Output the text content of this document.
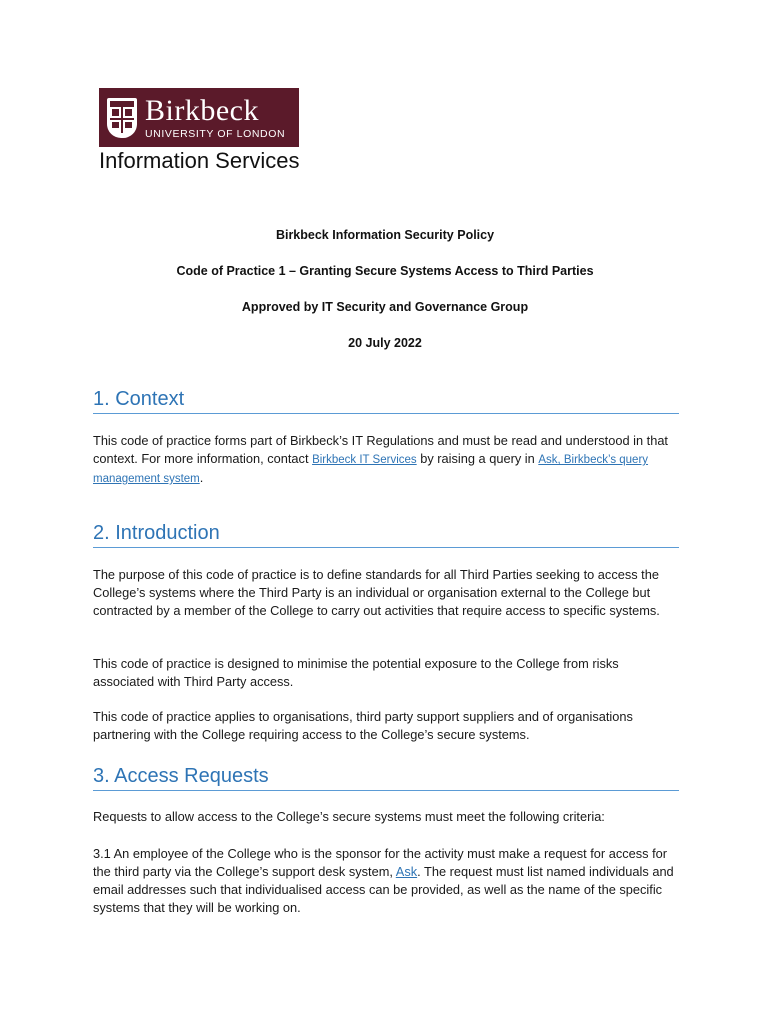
Birkbeck
UNIVERSITY OF LONDON
Information Services
Birkbeck Information Security Policy
Code of Practice 1 – Granting Secure Systems Access to Third Parties
Approved by IT Security and Governance Group
20 July 2022
1. Context
This code of practice forms part of Birkbeck’s IT Regulations and must be read and understood in that context. For more information, contact Birkbeck IT Services by raising a query in Ask, Birkbeck’s query management system.
2. Introduction
The purpose of this code of practice is to define standards for all Third Parties seeking to access the College’s systems where the Third Party is an individual or organisation external to the College but contracted by a member of the College to carry out activities that require access to specific systems.
This code of practice is designed to minimise the potential exposure to the College from risks associated with Third Party access.
This code of practice applies to organisations, third party support suppliers and of organisations partnering with the College requiring access to the College’s secure systems.
3. Access Requests
Requests to allow access to the College’s secure systems must meet the following criteria:
3.1 An employee of the College who is the sponsor for the activity must make a request for access for the third party via the College’s support desk system, Ask. The request must list named individuals and email addresses such that individualised access can be provided, as well as the name of the specific systems that they will be working on.
